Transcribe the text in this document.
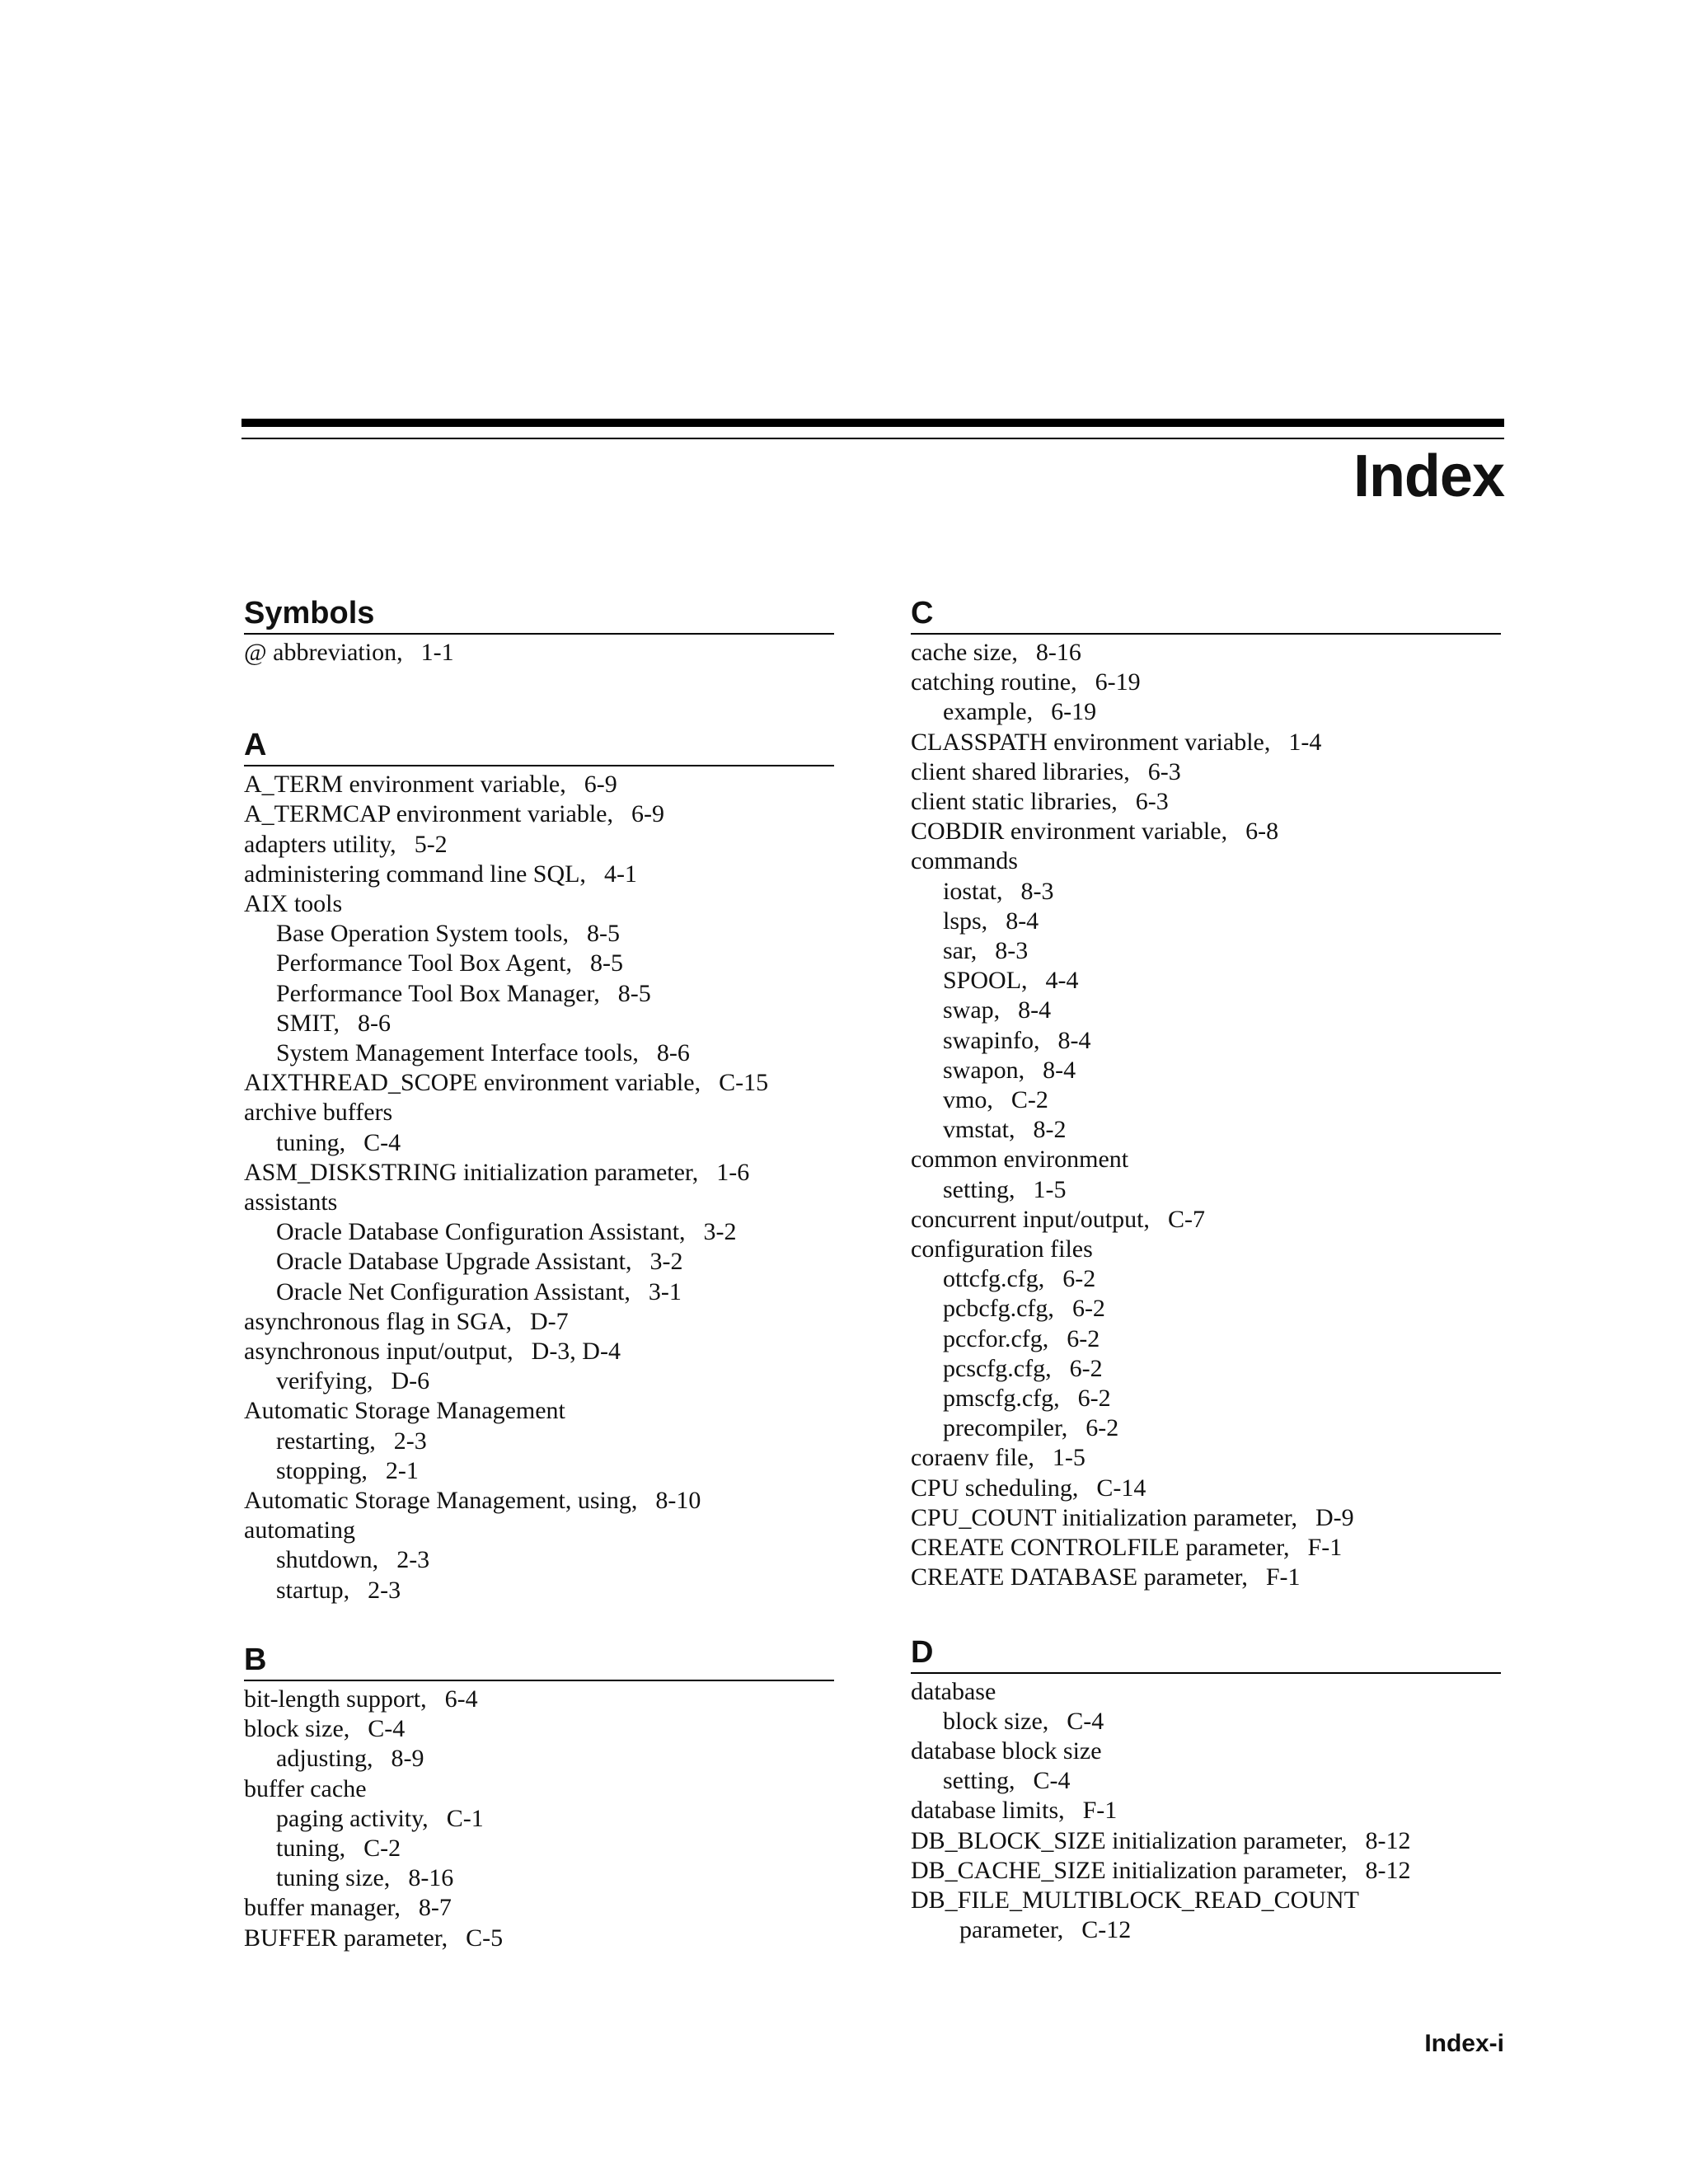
Index
Symbols
@ abbreviation, 1-1
A
A_TERM environment variable, 6-9
A_TERMCAP environment variable, 6-9
adapters utility, 5-2
administering command line SQL, 4-1
AIX tools
Base Operation System tools, 8-5
Performance Tool Box Agent, 8-5
Performance Tool Box Manager, 8-5
SMIT, 8-6
System Management Interface tools, 8-6
AIXTHREAD_SCOPE environment variable, C-15
archive buffers
tuning, C-4
ASM_DISKSTRING initialization parameter, 1-6
assistants
Oracle Database Configuration Assistant, 3-2
Oracle Database Upgrade Assistant, 3-2
Oracle Net Configuration Assistant, 3-1
asynchronous flag in SGA, D-7
asynchronous input/output, D-3, D-4
verifying, D-6
Automatic Storage Management
restarting, 2-3
stopping, 2-1
Automatic Storage Management, using, 8-10
automating
shutdown, 2-3
startup, 2-3
B
bit-length support, 6-4
block size, C-4
adjusting, 8-9
buffer cache
paging activity, C-1
tuning, C-2
tuning size, 8-16
buffer manager, 8-7
BUFFER parameter, C-5
C
cache size, 8-16
catching routine, 6-19
example, 6-19
CLASSPATH environment variable, 1-4
client shared libraries, 6-3
client static libraries, 6-3
COBDIR environment variable, 6-8
commands
iostat, 8-3
lsps, 8-4
sar, 8-3
SPOOL, 4-4
swap, 8-4
swapinfo, 8-4
swapon, 8-4
vmo, C-2
vmstat, 8-2
common environment
setting, 1-5
concurrent input/output, C-7
configuration files
ottcfg.cfg, 6-2
pcbcfg.cfg, 6-2
pccfor.cfg, 6-2
pcscfg.cfg, 6-2
pmscfg.cfg, 6-2
precompiler, 6-2
coraenv file, 1-5
CPU scheduling, C-14
CPU_COUNT initialization parameter, D-9
CREATE CONTROLFILE parameter, F-1
CREATE DATABASE parameter, F-1
D
database
block size, C-4
database block size
setting, C-4
database limits, F-1
DB_BLOCK_SIZE initialization parameter, 8-12
DB_CACHE_SIZE initialization parameter, 8-12
DB_FILE_MULTIBLOCK_READ_COUNT
parameter, C-12
Index-i
